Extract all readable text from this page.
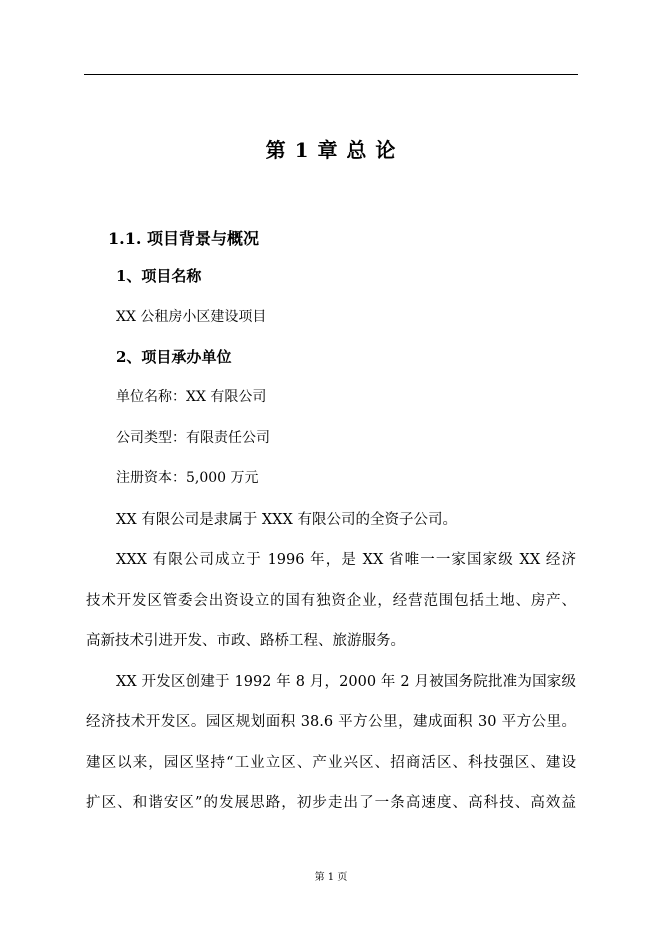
第 1 章 总 论
1.1. 项目背景与概况
1、项目名称
XX 公租房小区建设项目
2、项目承办单位
单位名称：XX 有限公司
公司类型：有限责任公司
注册资本：5,000 万元
XX 有限公司是隶属于 XXX 有限公司的全资子公司。
XXX 有限公司成立于 1996 年，是 XX 省唯一一家国家级 XX 经济
技术开发区管委会出资设立的国有独资企业，经营范围包括土地、房产、
高新技术引进开发、市政、路桥工程、旅游服务。
XX 开发区创建于 1992 年 8 月，2000 年 2 月被国务院批准为国家级
经济技术开发区。园区规划面积 38.6 平方公里，建成面积 30 平方公里。
建区以来，园区坚持“工业立区、产业兴区、招商活区、科技强区、建设
扩区、和谐安区”的发展思路，初步走出了一条高速度、高科技、高效益
第 1 页
